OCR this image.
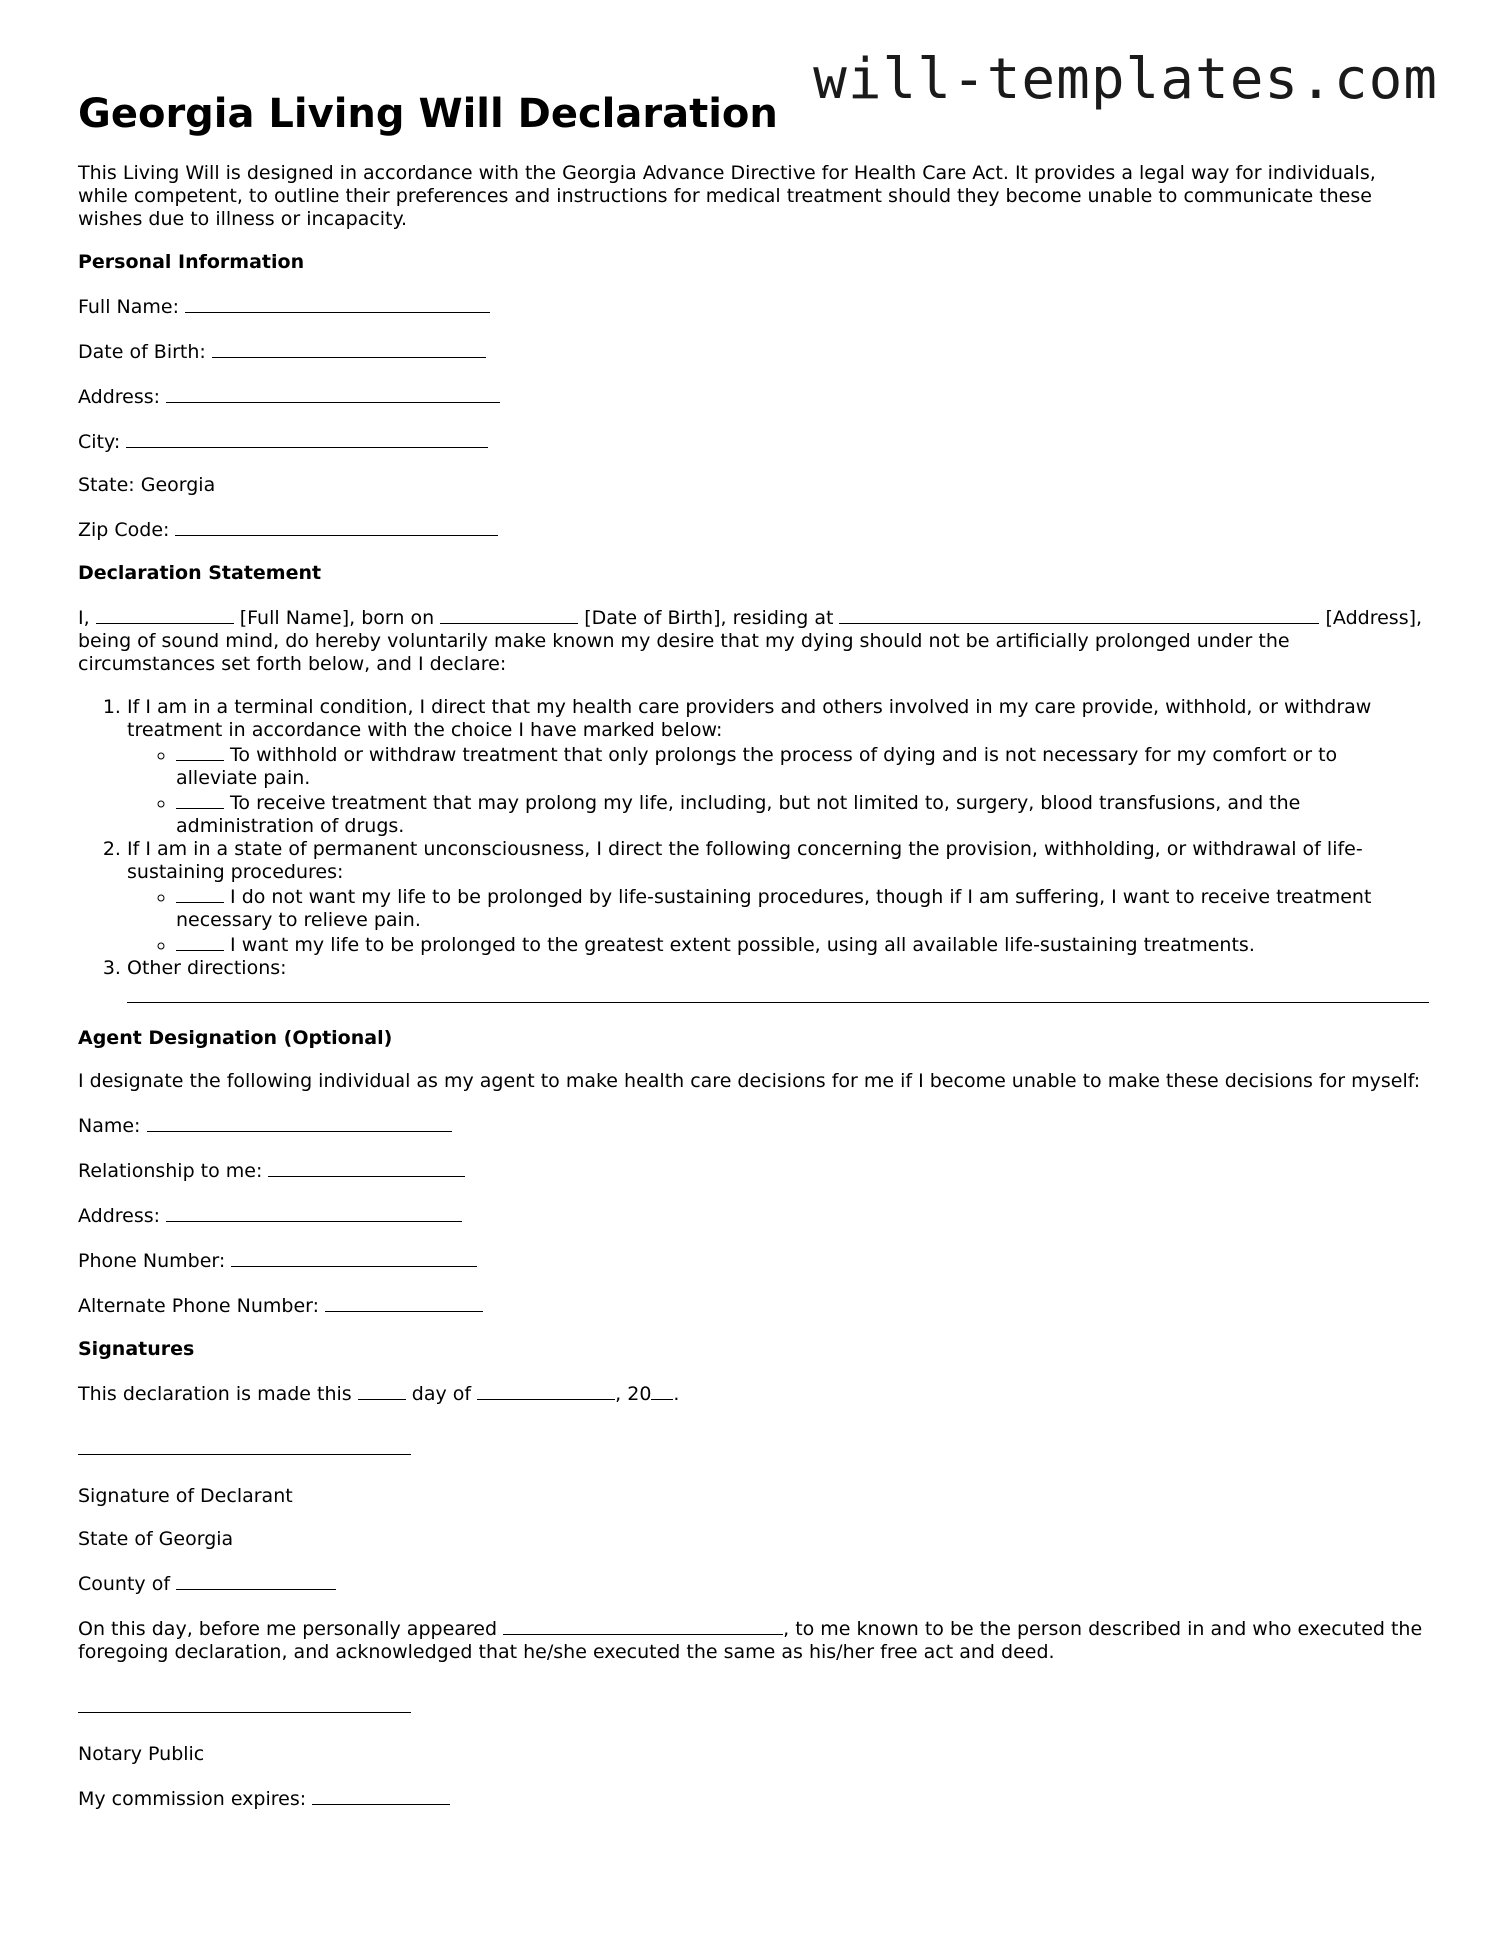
will-templates.com
Georgia Living Will Declaration

This Living Will is designed in accordance with the Georgia Advance Directive for Health Care Act. It provides a legal way for individuals, while competent, to outline their preferences and instructions for medical treatment should they become unable to communicate these wishes due to illness or incapacity.

Personal Information
Full Name:
Date of Birth:
Address:
City:
State: Georgia
Zip Code:
Declaration Statement

I,	[Full Name], born on	[Date of Birth], residing at	[Address], being of sound mind, do hereby voluntarily make known my desire that my dying should not be artificially prolonged under the circumstances set forth below, and I declare:

1. If I am in a terminal condition, I direct that my health care providers and others involved in my care provide, withhold, or withdraw treatment in accordance with the choice I have marked below:
◦ To withhold or withdraw treatment that only prolongs the process of dying and is not necessary for my comfort or to alleviate pain.
◦ To receive treatment that may prolong my life, including, but not limited to, surgery, blood transfusions, and the administration of drugs.
2. If I am in a state of permanent unconsciousness, I direct the following concerning the provision, withholding, or withdrawal of life-sustaining procedures:
◦ I do not want my life to be prolonged by life-sustaining procedures, though if I am suffering, I want to receive treatment necessary to relieve pain.
◦ I want my life to be prolonged to the greatest extent possible, using all available life-sustaining treatments.
3. Other directions:
Agent Designation (Optional)

I designate the following individual as my agent to make health care decisions for me if I become unable to make these decisions for myself:

Name:
Relationship to me:
Address:
Phone Number:
Alternate Phone Number:
Signatures
This declaration is made this	day of	, 20 .
Signature of Declarant
State of Georgia
County of

On this day, before me personally appeared	, to me known to be the person described in and who executed the foregoing declaration, and acknowledged that he/she executed the same as his/her free act and deed.

Notary Public
My commission expires:
